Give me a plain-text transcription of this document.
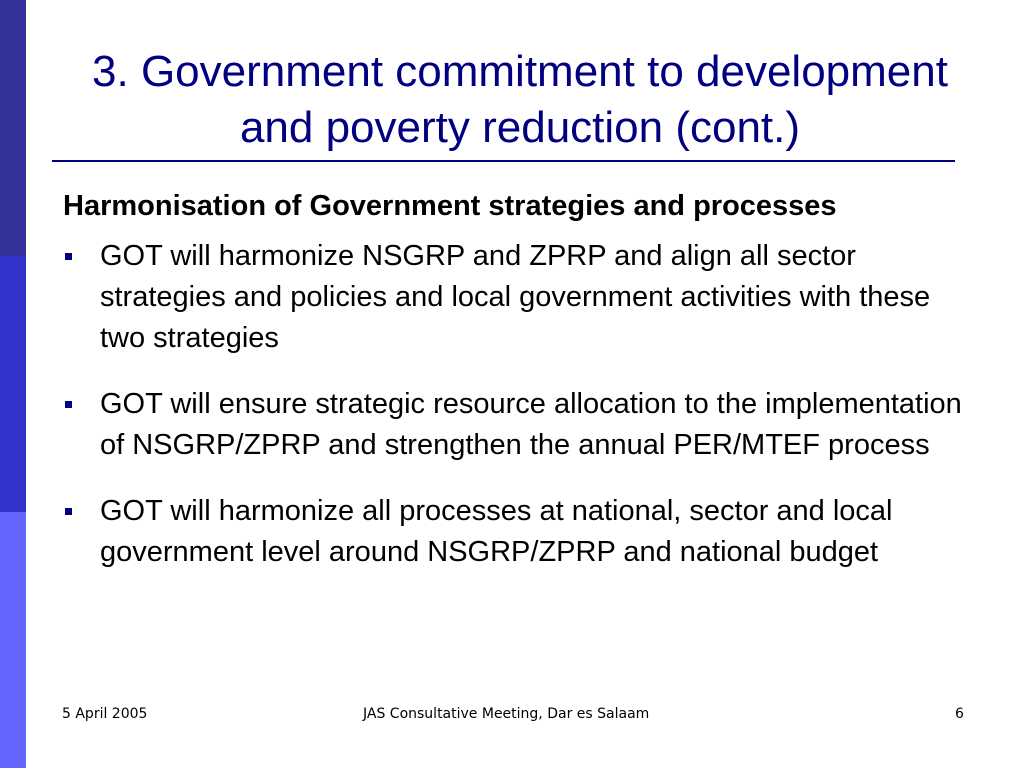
3. Government commitment to development
and poverty reduction (cont.)

Harmonisation of Government strategies and processes

GOT will harmonize NSGRP and ZPRP and align all sector strategies and policies and local government activities with these two strategies
GOT will ensure strategic resource allocation to the implementation of NSGRP/ZPRP and strengthen the annual PER/MTEF process
GOT will harmonize all processes at national, sector and local government level around NSGRP/ZPRP and national budget
5 April 2005	JAS Consultative Meeting, Dar es Salaam	6
